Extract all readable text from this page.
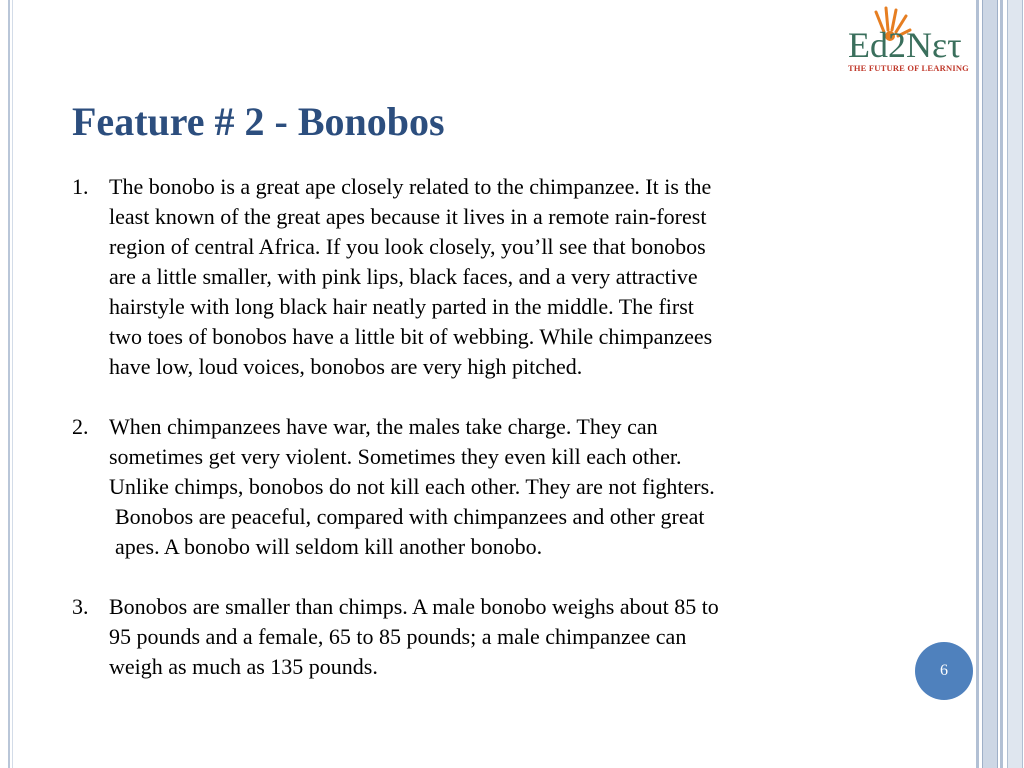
Ed2Nετ
THE FUTURE OF LEARNING
Feature # 2 - Bonobos
1. The bonobo is a great ape closely related to the chimpanzee. It is the
least known of the great apes because it lives in a remote rain-forest
region of central Africa. If you look closely, you’ll see that bonobos
are a little smaller, with pink lips, black faces, and a very attractive
hairstyle with long black hair neatly parted in the middle. The first
two toes of bonobos have a little bit of webbing. While chimpanzees
have low, loud voices, bonobos are very high pitched.
2. When chimpanzees have war, the males take charge. They can
sometimes get very violent. Sometimes they even kill each other.
Unlike chimps, bonobos do not kill each other. They are not fighters.
Bonobos are peaceful, compared with chimpanzees and other great
apes. A bonobo will seldom kill another bonobo.
3. Bonobos are smaller than chimps. A male bonobo weighs about 85 to
95 pounds and a female, 65 to 85 pounds; a male chimpanzee can
weigh as much as 135 pounds.	6
